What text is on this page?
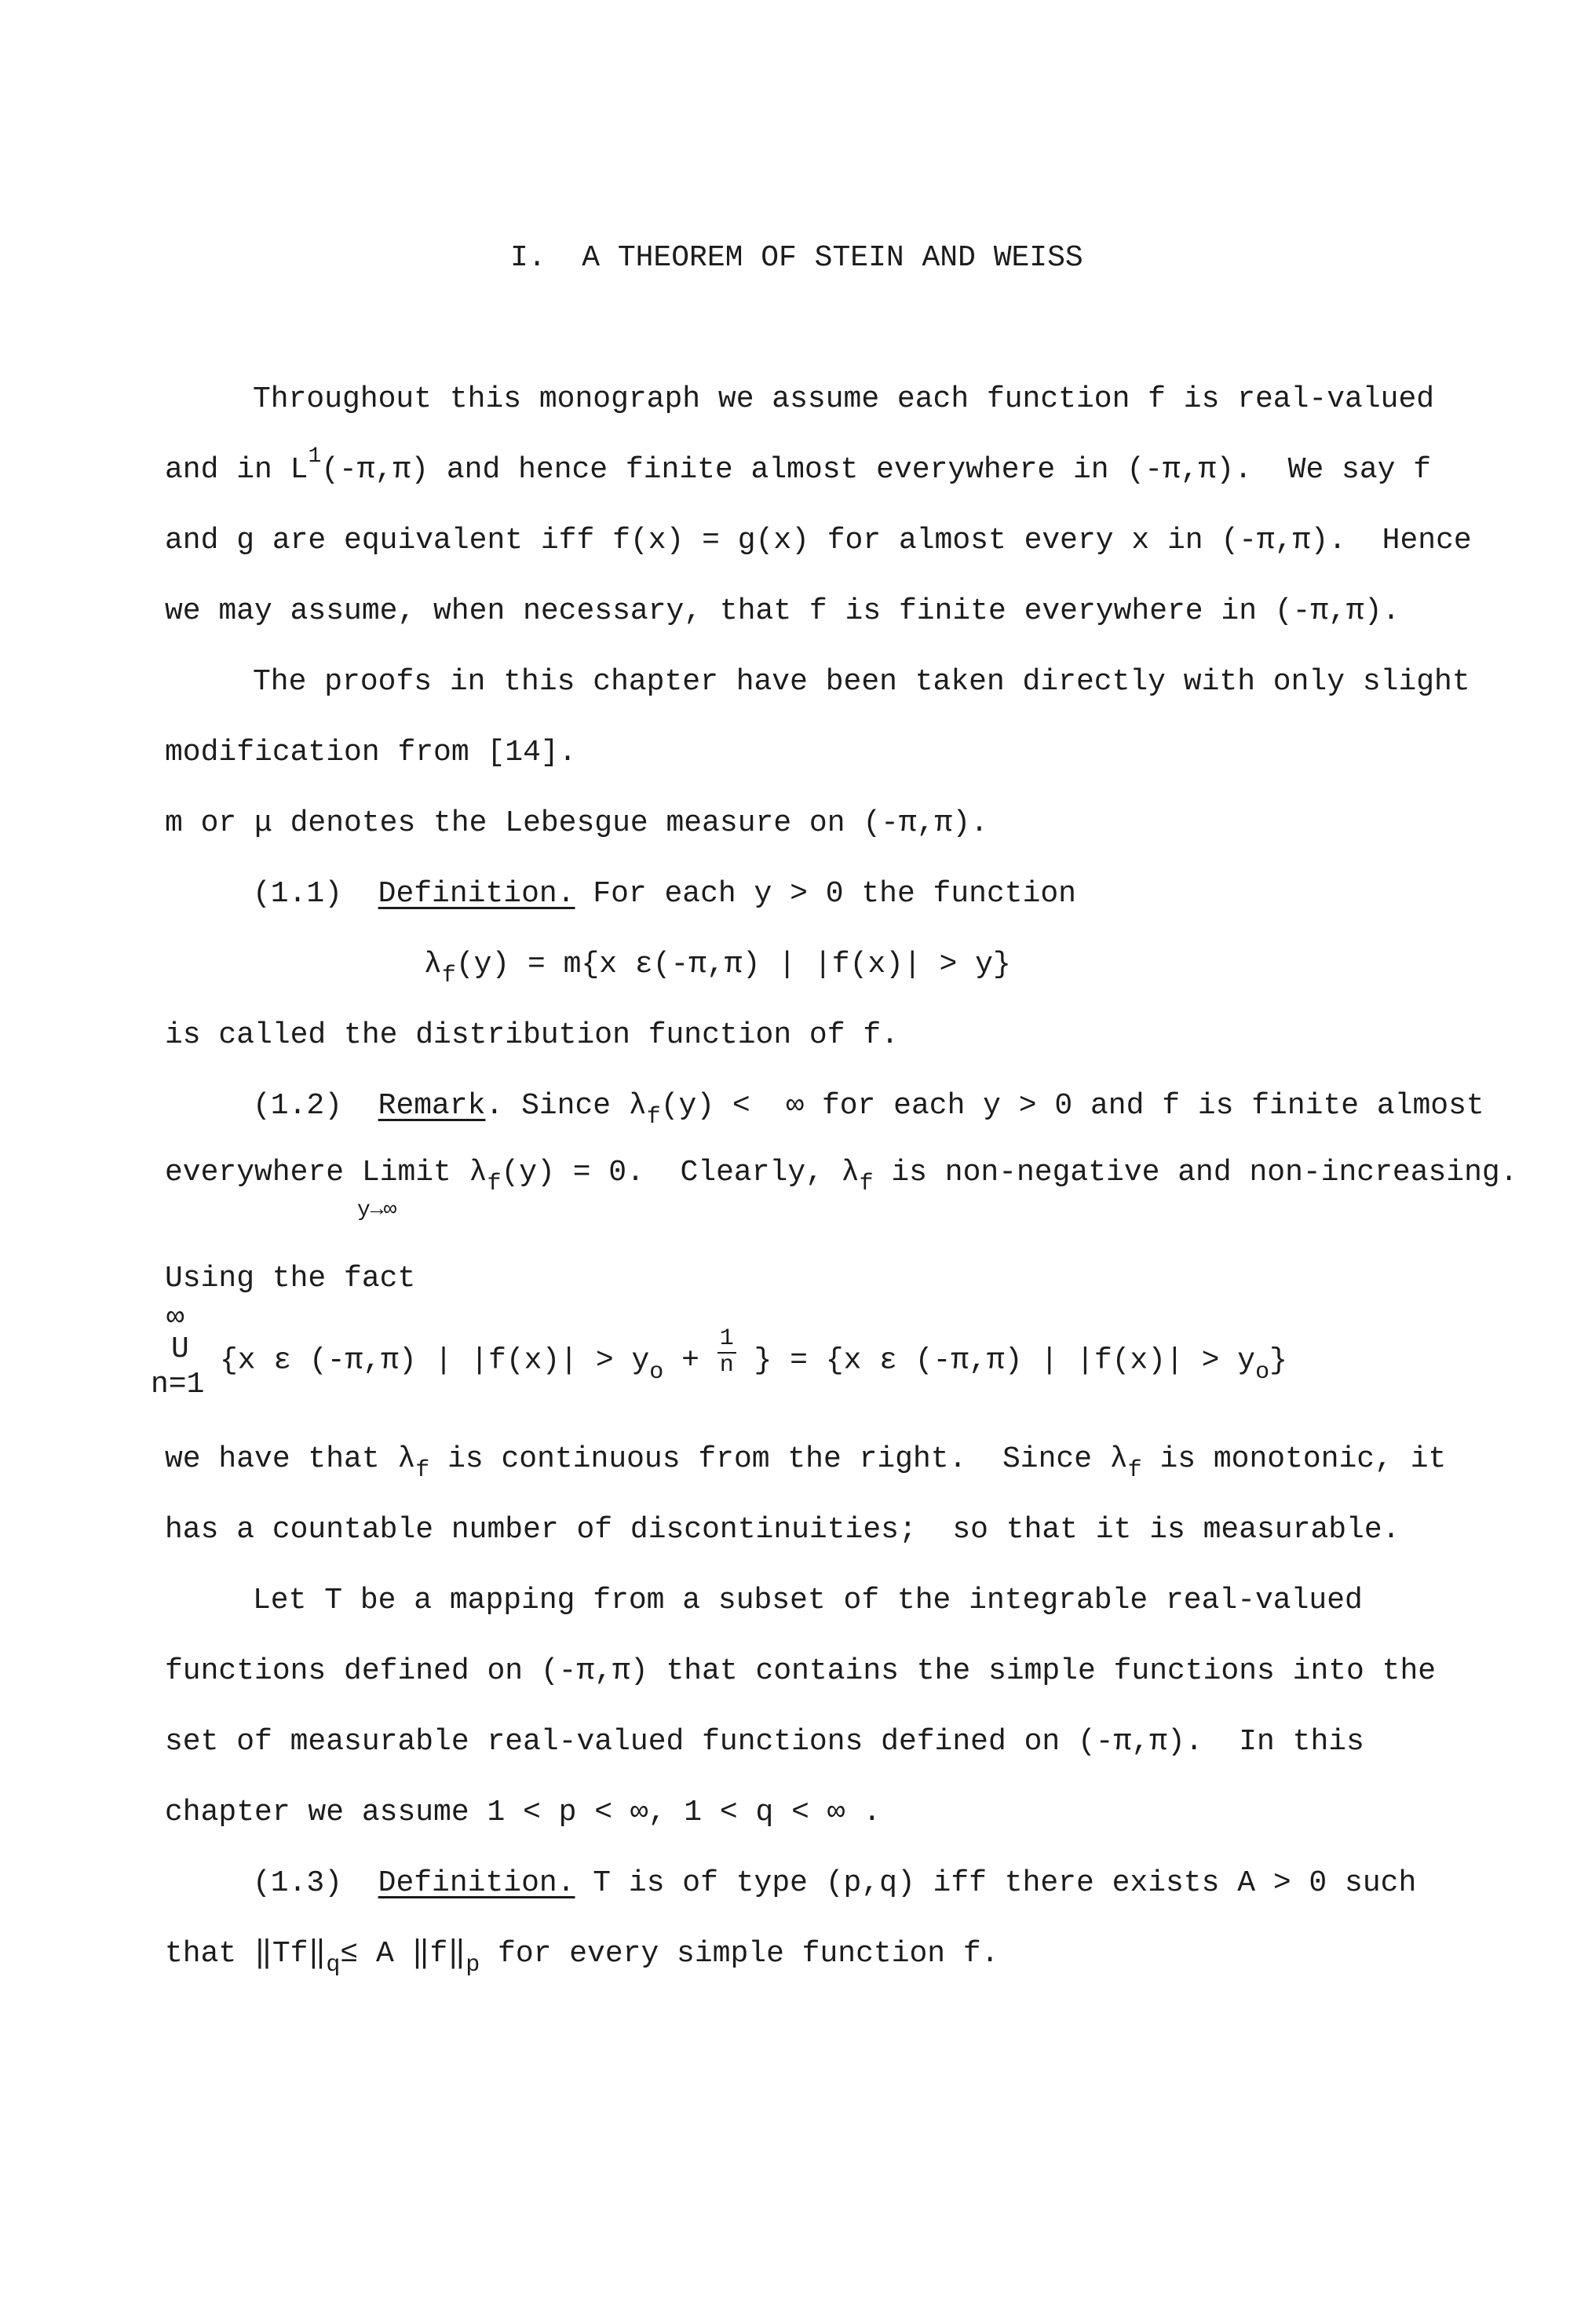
I.  A THEOREM OF STEIN AND WEISS
Throughout this monograph we assume each function f is real-valued
and in $L^1(-\pi,\pi)$ and hence finite almost everywhere in (-π,π).  We say f
and g are equivalent iff f(x) = g(x) for almost every x in (-π,π).  Hence
we may assume, when necessary, that f is finite everywhere in (-π,π).
The proofs in this chapter have been taken directly with only slight
modification from [14].
m or μ denotes the Lebesgue measure on (-π,π).
(1.1) Definition. For each y > 0 the function
$\lambda_f(y) = m\{x$ ε(-π,π) | |f(x)| > y}
is called the distribution function of f.
(1.2) Remark. Since $\lambda_f(y)$ <  ∞ for each y > 0 and f is finite almost
everywhere Limit $\lambda_f(y) = 0$.  Clearly, $\lambda_f$ is non-negative and non-increasing.
y→∞
Using the fact
∞
U
n=1
{x ε (-π,π) | $|f(x)| > y_o + \frac{1}{n}$ } = {x ε (-π,π) | $|f(x)| > y_o$}
we have that $\lambda_f$ is continuous from the right.  Since $\lambda_f$ is monotonic, it
has a countable number of discontinuities;  so that it is measurable.
Let T be a mapping from a subset of the integrable real-valued
functions defined on (-π,π) that contains the simple functions into the
set of measurable real-valued functions defined on (-π,π).  In this
chapter we assume 1 < p < ∞, 1 < q < ∞ .
(1.3) Definition. T is of type (p,q) iff there exists A > 0 such
that $‖Tf‖_q\le A$ $‖f‖_p$ for every simple function f.
